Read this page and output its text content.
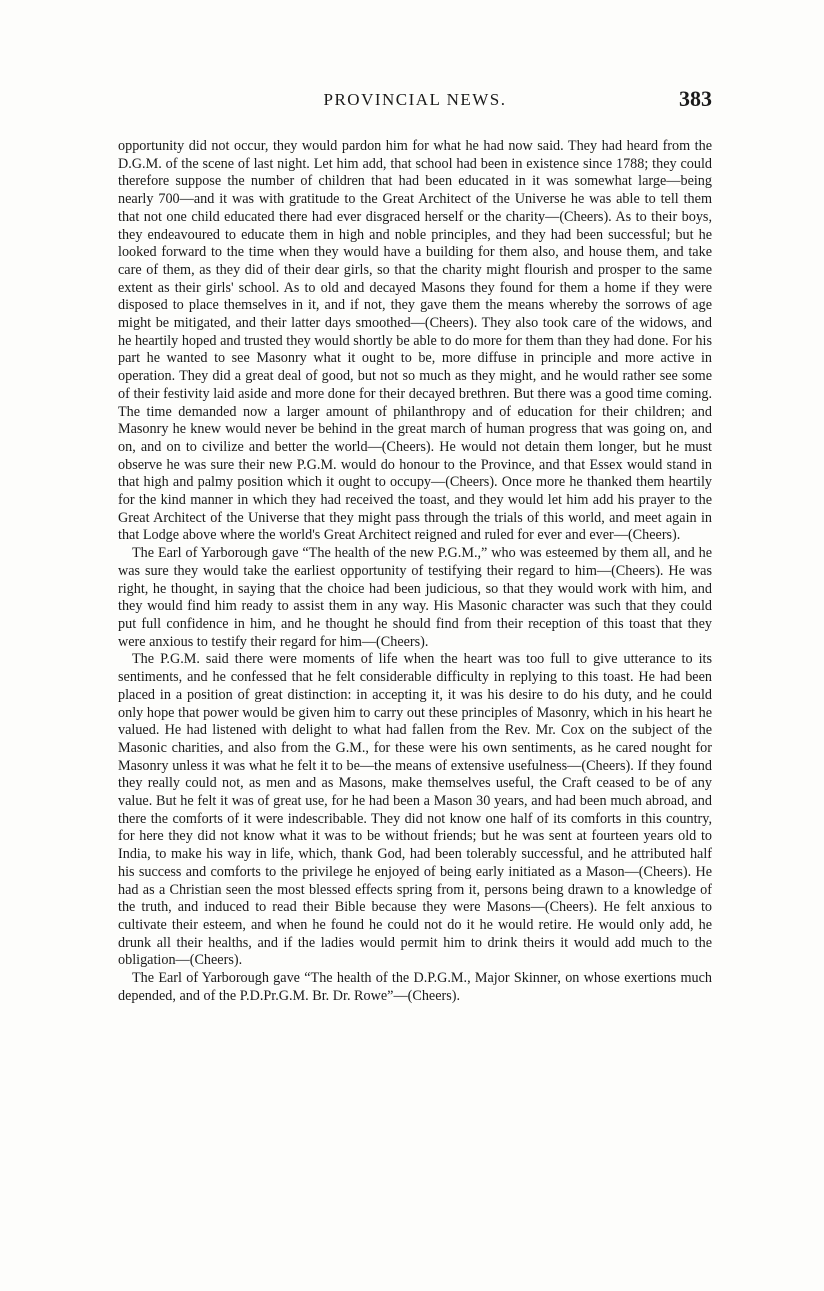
PROVINCIAL NEWS.	383

opportunity did not occur, they would pardon him for what he had now said. They had heard from the D.G.M. of the scene of last night. Let him add, that school had been in existence since 1788; they could therefore suppose the number of children that had been educated in it was somewhat large—being nearly 700—and it was with gratitude to the Great Architect of the Universe he was able to tell them that not one child educated there had ever disgraced herself or the charity—(Cheers). As to their boys, they endeavoured to educate them in high and noble principles, and they had been successful; but he looked forward to the time when they would have a building for them also, and house them, and take care of them, as they did of their dear girls, so that the charity might flourish and prosper to the same extent as their girls' school. As to old and decayed Masons they found for them a home if they were disposed to place themselves in it, and if not, they gave them the means whereby the sorrows of age might be mitigated, and their latter days smoothed—(Cheers). They also took care of the widows, and he heartily hoped and trusted they would shortly be able to do more for them than they had done. For his part he wanted to see Masonry what it ought to be, more diffuse in principle and more active in operation. They did a great deal of good, but not so much as they might, and he would rather see some of their festivity laid aside and more done for their decayed brethren. But there was a good time coming. The time demanded now a larger amount of philanthropy and of education for their children; and Masonry he knew would never be behind in the great march of human progress that was going on, and on, and on to civilize and better the world—(Cheers). He would not detain them longer, but he must observe he was sure their new P.G.M. would do honour to the Province, and that Essex would stand in that high and palmy position which it ought to occupy—(Cheers). Once more he thanked them heartily for the kind manner in which they had received the toast, and they would let him add his prayer to the Great Architect of the Universe that they might pass through the trials of this world, and meet again in that Lodge above where the world's Great Architect reigned and ruled for ever and ever—(Cheers).

The Earl of Yarborough gave “The health of the new P.G.M.,” who was esteemed by them all, and he was sure they would take the earliest opportunity of testifying their regard to him—(Cheers). He was right, he thought, in saying that the choice had been judicious, so that they would work with him, and they would find him ready to assist them in any way. His Masonic character was such that they could put full confidence in him, and he thought he should find from their reception of this toast that they were anxious to testify their regard for him—(Cheers).

The P.G.M. said there were moments of life when the heart was too full to give utterance to its sentiments, and he confessed that he felt considerable difficulty in replying to this toast. He had been placed in a position of great distinction: in accepting it, it was his desire to do his duty, and he could only hope that power would be given him to carry out these principles of Masonry, which in his heart he valued. He had listened with delight to what had fallen from the Rev. Mr. Cox on the subject of the Masonic charities, and also from the G.M., for these were his own sentiments, as he cared nought for Masonry unless it was what he felt it to be—the means of extensive usefulness—(Cheers). If they found they really could not, as men and as Masons, make themselves useful, the Craft ceased to be of any value. But he felt it was of great use, for he had been a Mason 30 years, and had been much abroad, and there the comforts of it were indescribable. They did not know one half of its comforts in this country, for here they did not know what it was to be without friends; but he was sent at fourteen years old to India, to make his way in life, which, thank God, had been tolerably successful, and he attributed half his success and comforts to the privilege he enjoyed of being early initiated as a Mason—(Cheers). He had as a Christian seen the most blessed effects spring from it, persons being drawn to a knowledge of the truth, and induced to read their Bible because they were Masons—(Cheers). He felt anxious to cultivate their esteem, and when he found he could not do it he would retire. He would only add, he drunk all their healths, and if the ladies would permit him to drink theirs it would add much to the obligation—(Cheers).

The Earl of Yarborough gave “The health of the D.P.G.M., Major Skinner, on whose exertions much depended, and of the P.D.Pr.G.M. Br. Dr. Rowe”—(Cheers).
